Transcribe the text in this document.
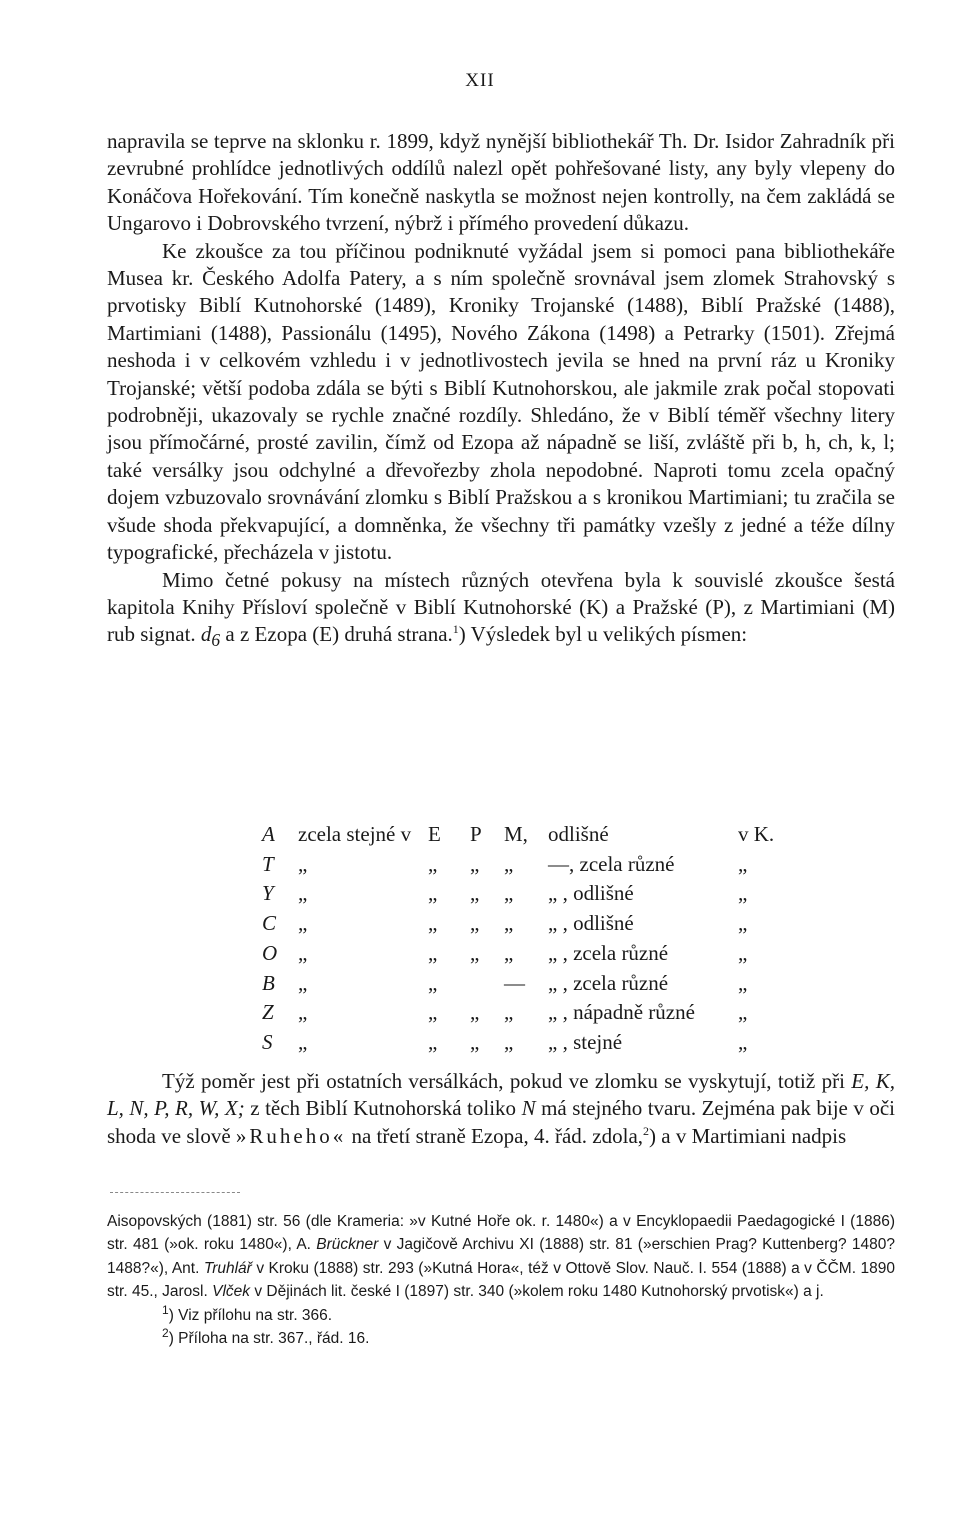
XII

napravila se teprve na sklonku r. 1899, když nynější bibliothekář Th. Dr. Isidor Zahradník při zevrubné prohlídce jednotlivých oddílů nalezl opět pohřešované listy, any byly vlepeny do Konáčova Hořekování. Tím konečně naskytla se možnost nejen kontrolly, na čem zakládá se Ungarovo i Dobrovského tvrzení, nýbrž i přímého provedení důkazu.

Ke zkoušce za tou příčinou podniknuté vyžádal jsem si pomoci pana bibliothekáře Musea kr. Českého Adolfa Patery, a s ním společně srovnával jsem zlomek Strahovský s prvotisky Biblí Kutnohorské (1489), Kroniky Trojanské (1488), Biblí Pražské (1488), Martimiani (1488), Passionálu (1495), Nového Zákona (1498) a Petrarky (1501). Zřejmá neshoda i v celkovém vzhledu i v jednotlivostech jevila se hned na první ráz u Kroniky Trojanské; větší podoba zdála se býti s Biblí Kutnohorskou, ale jakmile zrak počal stopovati podrobněji, ukazovaly se rychle značné rozdíly. Shledáno, že v Biblí téměř všechny litery jsou přímočárné, prosté zavilin, čímž od Ezopa až nápadně se liší, zvláště při b, h, ch, k, l; také versálky jsou odchylné a dřevořezby zhola nepodobné. Naproti tomu zcela opačný dojem vzbuzovalo srovnávání zlomku s Biblí Pražskou a s kronikou Martimiani; tu zračila se všude shoda překvapující, a domněnka, že všechny tři památky vzešly z jedné a téže dílny typografické, přecházela v jistotu.

Mimo četné pokusy na místech různých otevřena byla k souvislé zkoušce šestá kapitola Knihy Přísloví společně v Biblí Kutnohorské (K) a Pražské (P), z Martimiani (M) rub signat. $d_6$ a z Ezopa (E) druhá strana.$^1$) Výsledek byl u velikých písmen:

A	zcela stejné v	E	P	M,	odlišné	v K.
T	„	„	„	„	—, zcela různé	„
Y	„	„	„	„	„ , odlišné	„
C	„	„	„	„	„ , odlišné	„
O	„	„	„	„	„ , zcela různé	„
B	„	„		—	„ , zcela různé	„
Z	„	„	„	„	„ , nápadně různé	„
S	„	„	„	„	„ , stejné	„

Týž poměr jest při ostatních versálkách, pokud ve zlomku se vyskytují, totiž při E, K, L, N, P, R, W, X; z těch Biblí Kutnohorská toliko N má stejného tvaru. Zejména pak bije v oči shoda ve slově »Ruheho« na třetí straně Ezopa, 4. řád. zdola,$^2$) a v Martimiani nadpis

Aisopovských (1881) str. 56 (dle Krameria: »v Kutné Hoře ok. r. 1480«) a v Encyklopaedii Paedagogické I (1886) str. 481 (»ok. roku 1480«), A. Brückner v Jagičově Archivu XI (1888) str. 81 (»erschien Prag? Kuttenberg? 1480? 1488?«), Ant. Truhlář v Kroku (1888) str. 293 (»Kutná Hora«, též v Ottově Slov. Nauč. I. 554 (1888) a v ČČM. 1890 str. 45., Jarosl. Vlček v Dějinách lit. české I (1897) str. 340 (»kolem roku 1480 Kutnohorský prvotisk«) a j.

$^1$) Viz přílohu na str. 366.

$^2$) Příloha na str. 367., řád. 16.
